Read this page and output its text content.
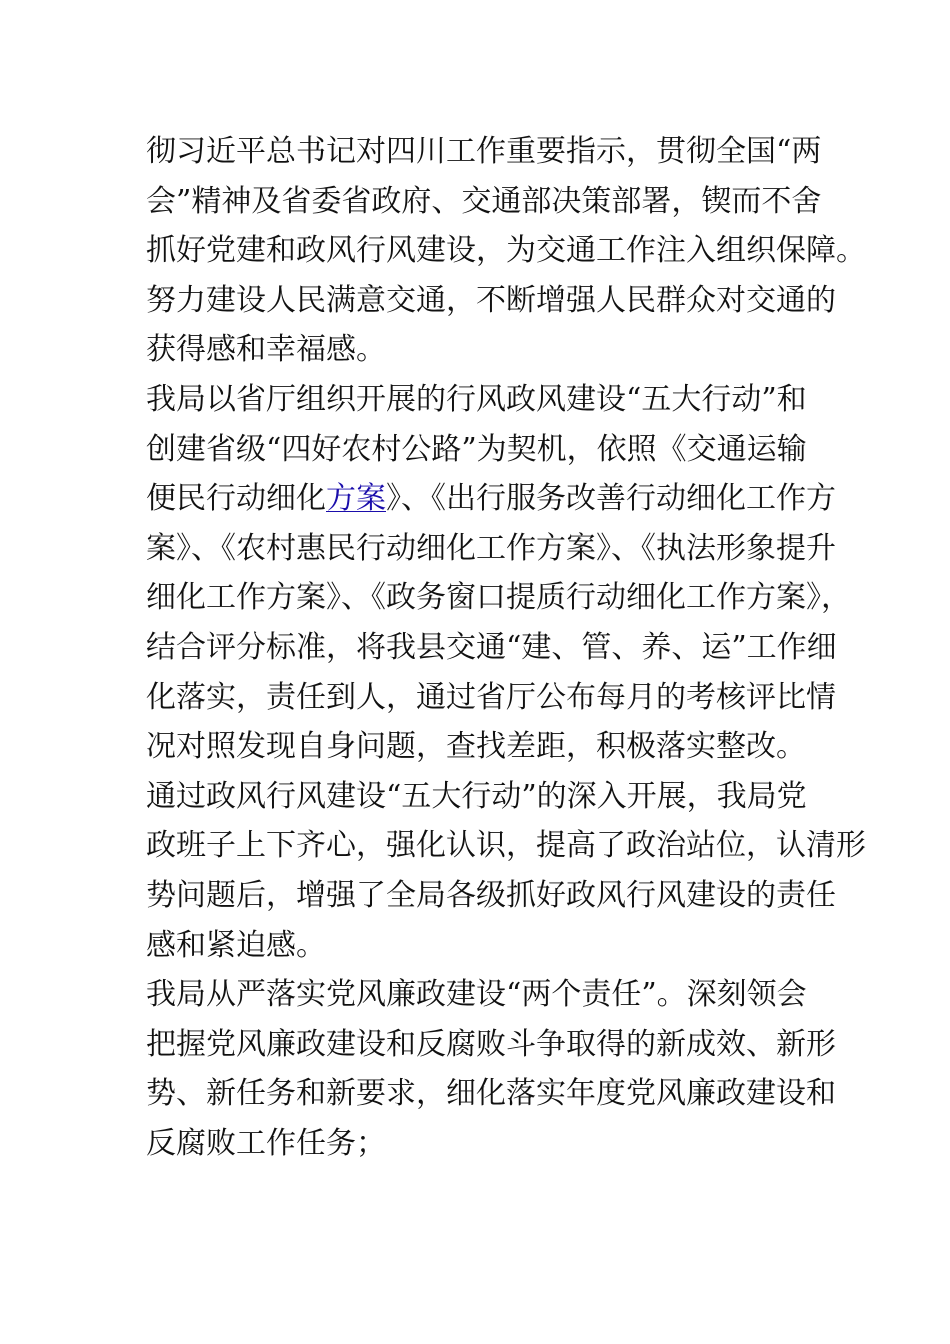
彻习近平总书记对四川工作重要指示，贯彻全国“两
会”精神及省委省政府、交通部决策部署，锲而不舍
抓好党建和政风行风建设，为交通工作注入组织保障。
努力建设人民满意交通，不断增强人民群众对交通的
获得感和幸福感。
我局以省厅组织开展的行风政风建设“五大行动”和
创建省级“四好农村公路”为契机，依照《交通运输
便民行动细化方案》、《出行服务改善行动细化工作方
案》、《农村惠民行动细化工作方案》、《执法形象提升
细化工作方案》、《政务窗口提质行动细化工作方案》，
结合评分标准，将我县交通“建、管、养、运”工作细
化落实，责任到人，通过省厅公布每月的考核评比情
况对照发现自身问题，查找差距，积极落实整改。
通过政风行风建设“五大行动”的深入开展，我局党
政班子上下齐心，强化认识，提高了政治站位，认清形
势问题后，增强了全局各级抓好政风行风建设的责任
感和紧迫感。
我局从严落实党风廉政建设“两个责任”。深刻领会
把握党风廉政建设和反腐败斗争取得的新成效、新形
势、新任务和新要求，细化落实年度党风廉政建设和
反腐败工作任务；
